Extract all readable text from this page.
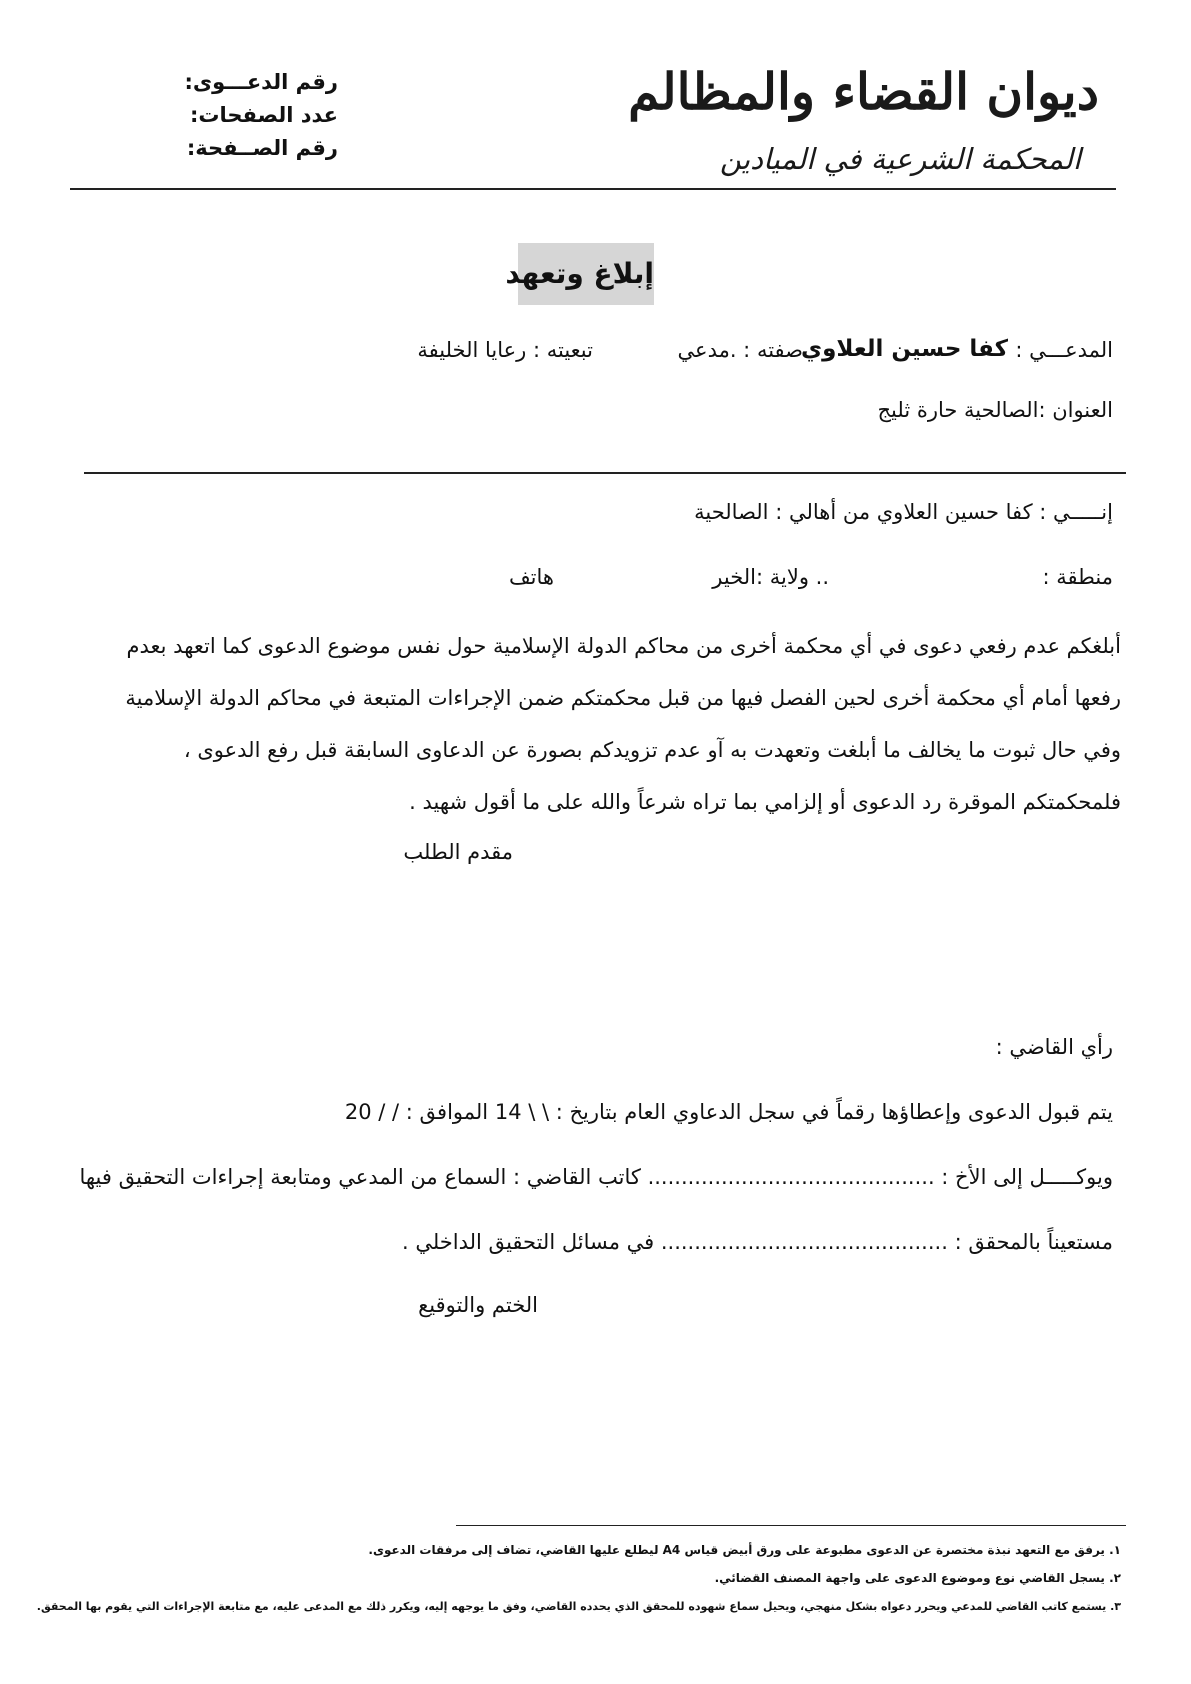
ديوان القضاء والمظالم
المحكمة الشرعية في الميادين
رقم الدعـــوى:
عدد الصفحات:
رقم الصــفحة:
إبلاغ وتعهد
المدعـــي :
كفا حسين العلاوي
صفته : .مدعي
تبعيته : رعايا الخليفة
العنوان :الصالحية حارة ثليج
إنـــــي : كفا حسين العلاوي من أهالي : الصالحية
منطقة :
.. ولاية :الخير
هاتف
أبلغكم عدم رفعي دعوى في أي محكمة أخرى من محاكم الدولة الإسلامية حول نفس موضوع الدعوى كما اتعهد بعدم
رفعها أمام أي محكمة أخرى لحين الفصل فيها من قبل محكمتكم ضمن الإجراءات المتبعة في محاكم الدولة الإسلامية
وفي حال ثبوت ما يخالف ما أبلغت وتعهدت به آو عدم تزويدكم بصورة عن الدعاوى السابقة قبل رفع الدعوى ،
فلمحكمتكم الموقرة رد الدعوى أو إلزامي بما تراه شرعاً والله على ما أقول شهيد .
مقدم الطلب
رأي القاضي :
يتم قبول الدعوى وإعطاؤها رقماً في سجل الدعاوي العام بتاريخ : \ \ 14 الموافق : / / 20
ويوكـــــل إلى الأخ : ........................................... كاتب القاضي : السماع من المدعي ومتابعة إجراءات التحقيق فيها
مستعيناً بالمحقق : ........................................... في مسائل التحقيق الداخلي .
الختم والتوقيع
١. يرفق مع التعهد نبذة مختصرة عن الدعوى مطبوعة على ورق أبيض قياس A4 ليطلع عليها القاضي، تضاف إلى مرفقات الدعوى.
٢. يسجل القاضي نوع وموضوع الدعوى على واجهة المصنف القضائي.
٣. يستمع كاتب القاضي للمدعي ويحرر دعواه بشكل منهجي، ويحيل سماع شهوده للمحقق الذي يحدده القاضي، وفق ما يوجهه إليه، ويكرر ذلك مع المدعى عليه، مع متابعة الإجراءات التي يقوم بها المحقق.
